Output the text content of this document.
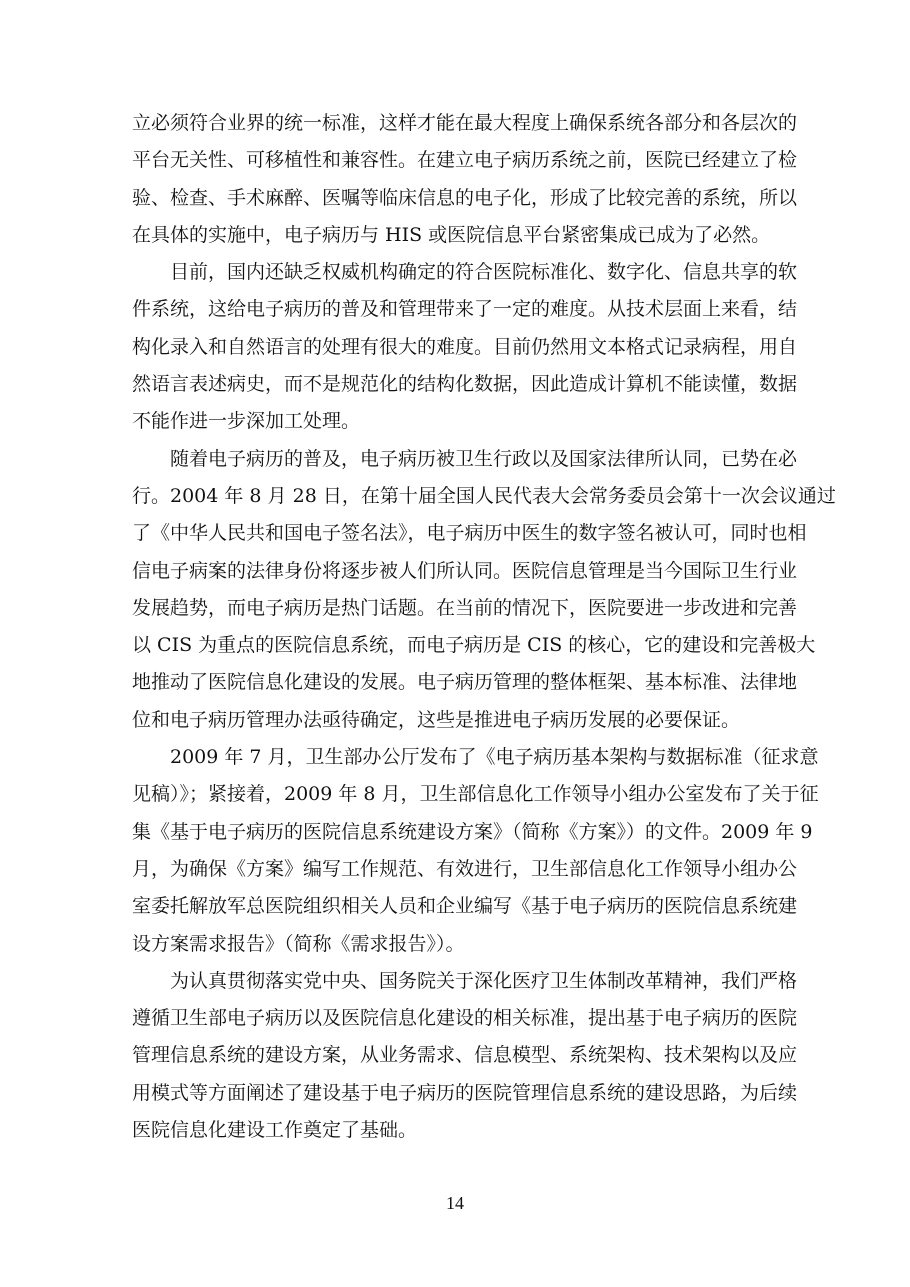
立必须符合业界的统一标准，这样才能在最大程度上确保系统各部分和各层次的
平台无关性、可移植性和兼容性。在建立电子病历系统之前，医院已经建立了检
验、检查、手术麻醉、医嘱等临床信息的电子化，形成了比较完善的系统，所以
在具体的实施中，电子病历与 HIS 或医院信息平台紧密集成已成为了必然。
目前，国内还缺乏权威机构确定的符合医院标准化、数字化、信息共享的软
件系统，这给电子病历的普及和管理带来了一定的难度。从技术层面上来看，结
构化录入和自然语言的处理有很大的难度。目前仍然用文本格式记录病程，用自
然语言表述病史，而不是规范化的结构化数据，因此造成计算机不能读懂，数据
不能作进一步深加工处理。
随着电子病历的普及，电子病历被卫生行政以及国家法律所认同，已势在必
行。2004 年 8 月 28 日，在第十届全国人民代表大会常务委员会第十一次会议通过
了《中华人民共和国电子签名法》，电子病历中医生的数字签名被认可，同时也相
信电子病案的法律身份将逐步被人们所认同。医院信息管理是当今国际卫生行业
发展趋势，而电子病历是热门话题。在当前的情况下，医院要进一步改进和完善
以 CIS 为重点的医院信息系统，而电子病历是 CIS 的核心，它的建设和完善极大
地推动了医院信息化建设的发展。电子病历管理的整体框架、基本标准、法律地
位和电子病历管理办法亟待确定，这些是推进电子病历发展的必要保证。
2009 年 7 月，卫生部办公厅发布了《电子病历基本架构与数据标准（征求意
见稿）》；紧接着，2009 年 8 月，卫生部信息化工作领导小组办公室发布了关于征
集《基于电子病历的医院信息系统建设方案》（简称《方案》）的文件。2009 年 9
月，为确保《方案》编写工作规范、有效进行，卫生部信息化工作领导小组办公
室委托解放军总医院组织相关人员和企业编写《基于电子病历的医院信息系统建
设方案需求报告》（简称《需求报告》）。
为认真贯彻落实党中央、国务院关于深化医疗卫生体制改革精神，我们严格
遵循卫生部电子病历以及医院信息化建设的相关标准，提出基于电子病历的医院
管理信息系统的建设方案，从业务需求、信息模型、系统架构、技术架构以及应
用模式等方面阐述了建设基于电子病历的医院管理信息系统的建设思路，为后续
医院信息化建设工作奠定了基础。
14
